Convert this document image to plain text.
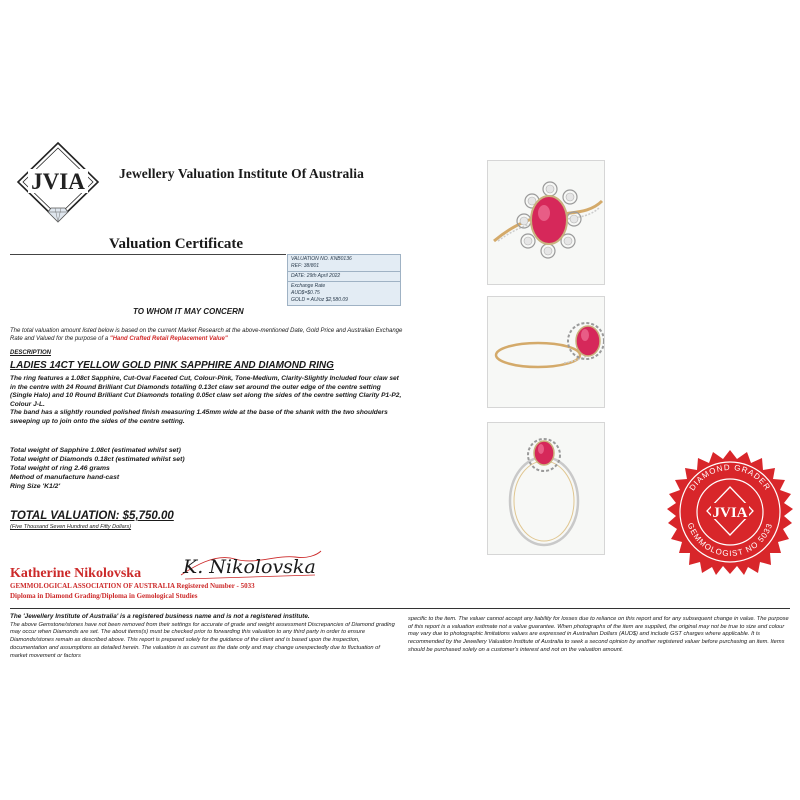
JVIA	Jewellery Valuation Institute Of Australia
Valuation Certificate
VALUATION NO. KNB0136
REF: 38/801
DATE: 29th April 2022
Exchange Rate
AUD$=$0.75
GOLD = AU/oz $2,580.09
TO WHOM IT MAY CONCERN
The total valuation amount listed below is based on the current Market Research at the above-mentioned Date, Gold Price and Australian Exchange Rate and Valued for the purpose of a "Hand Crafted Retail Replacement Value"
DESCRIPTION
LADIES 14CT YELLOW GOLD PINK SAPPHIRE AND DIAMOND RING
The ring features a 1.08ct Sapphire, Cut-Oval Faceted Cut, Colour-Pink, Tone-Medium, Clarity-Slightly Included four claw set in the centre with 24 Round Brilliant Cut Diamonds totalling 0.13ct claw set around the outer edge of the centre setting (Single Halo) and 10 Round Brilliant Cut Diamonds totaling 0.05ct claw set along the sides of the centre setting Clarity P1-P2, Colour J-L.
The band has a slightly rounded polished finish measuring 1.45mm wide at the base of the shank with the two shoulders sweeping up to join onto the sides of the centre setting.
Total weight of Sapphire 1.08ct (estimated whilst set)
Total weight of Diamonds 0.18ct (estimated whilst set)
Total weight of ring 2.46 grams
Method of manufacture hand-cast
Ring Size 'K1/2'
TOTAL VALUATION: $5,750.00
(Five Thousand Seven Hundred and Fifty Dollars)
Katherine Nikolovska K. Nikolovska
GEMMOLOGICAL ASSOCIATION OF AUSTRALIA Registered Number - 5033
Diploma in Diamond Grading/Diploma in Gemological Studies
The 'Jewellery Institute of Australia' is a registered business name and is not a registered institute.
The above Gemstone/stones have not been removed from their settings for accurate of grade and weight assessment Discrepancies of Diamond grading may occur when Diamonds are set. The about items(s) must be checked prior to forwarding this valuation to any third party in order to ensure Diamonds/stones remain as described above. This report is prepared solely for the guidance of the client and is based upon the inspection, documentation and assumptions as detailed herein. The valuation is as current as the date only and may change unexpectedly due to fluctuation of market movement or factors
specific to the item. The valuer cannot accept any liability for losses due to reliance on this report and for any subsequent change in value. The purpose of this report is a valuation estimate not a value guarantee. When photographs of the item are supplied, the original may not be true to size and colour may vary due to photographic limitations values are expressed in Australian Dollars (AUD$) and include GST charges where applicable. It is recommended by the Jewellery Valuation Institute of Australia to seek a second opinion by another registered valuer before purchasing an item. Items should be purchased solely on a customer's interest and not on the valuation amount.
DIAMOND GRADER
GEMMOLOGIST NO 5033
JVIA
